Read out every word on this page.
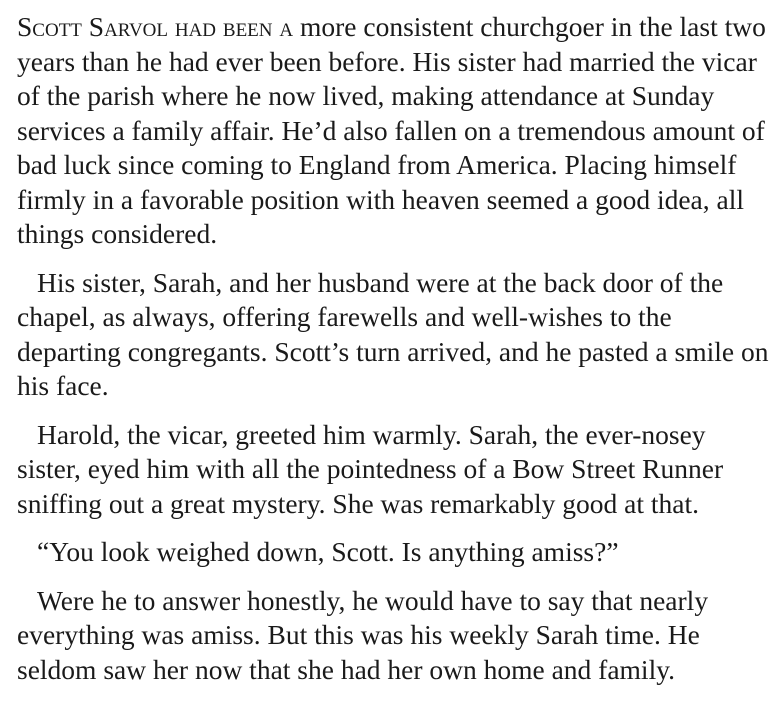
Scott Sarvol had been a more consistent churchgoer in the last two years than he had ever been before. His sister had married the vicar of the parish where he now lived, making attendance at Sunday services a family affair. He’d also fallen on a tremendous amount of bad luck since coming to England from America. Placing himself firmly in a favorable position with heaven seemed a good idea, all things considered.

His sister, Sarah, and her husband were at the back door of the chapel, as always, offering farewells and well-wishes to the departing congregants. Scott’s turn arrived, and he pasted a smile on his face.

Harold, the vicar, greeted him warmly. Sarah, the ever-nosey sister, eyed him with all the pointedness of a Bow Street Runner sniffing out a great mystery. She was remarkably good at that.

“You look weighed down, Scott. Is anything amiss?”

Were he to answer honestly, he would have to say that nearly everything was amiss. But this was his weekly Sarah time. He seldom saw her now that she had her own home and family.
